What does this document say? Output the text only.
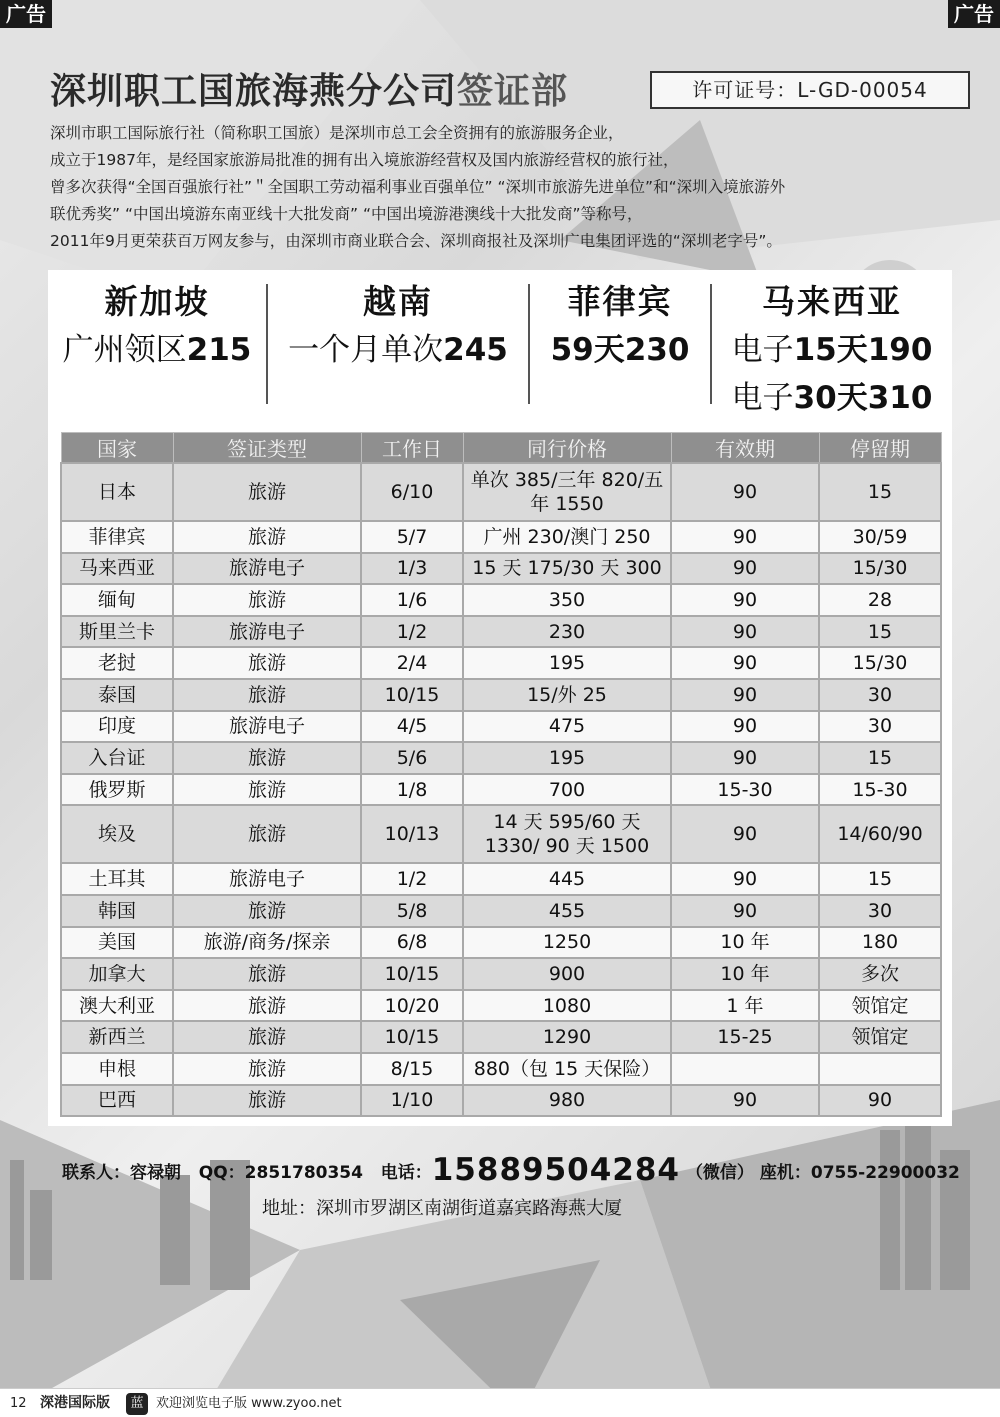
广告	广告
深圳职工国旅海燕分公司签证部	许可证号：L-GD-00054

深圳市职工国际旅行社（简称职工国旅）是深圳市总工会全资拥有的旅游服务企业，

成立于1987年，是经国家旅游局批准的拥有出入境旅游经营权及国内旅游经营权的旅行社，

曾多次获得“全国百强旅行社”＂全国职工劳动福利事业百强单位” “深圳市旅游先进单位”和“深圳入境旅游外

联优秀奖” “中国出境游东南亚线十大批发商” “中国出境游港澳线十大批发商”等称号，

2011年9月更荣获百万网友参与，由深圳市商业联合会、深圳商报社及深圳广电集团评选的“深圳老字号”。

新加坡
广州领区215
越南
一个月单次245
菲律宾
59天230
马来西亚
电子15天190
电子30天310
国家	签证类型	工作日	同行价格	有效期	停留期
日本	旅游	6/10	单次 385/三年 820/五年 1550	90	15
菲律宾	旅游	5/7	广州 230/澳门 250	90	30/59
马来西亚	旅游电子	1/3	15 天 175/30 天 300	90	15/30
缅甸	旅游	1/6	350	90	28
斯里兰卡	旅游电子	1/2	230	90	15
老挝	旅游	2/4	195	90	15/30
泰国	旅游	10/15	15/外 25	90	30
印度	旅游电子	4/5	475	90	30
入台证	旅游	5/6	195	90	15
俄罗斯	旅游	1/8	700	15-30	15-30
埃及	旅游	10/13	14 天 595/60 天 1330/ 90 天 1500	90	14/60/90
土耳其	旅游电子	1/2	445	90	15
韩国	旅游	5/8	455	90	30
美国	旅游/商务/探亲	6/8	1250	10 年	180
加拿大	旅游	10/15	900	10 年	多次
澳大利亚	旅游	10/20	1080	1 年	领馆定
新西兰	旅游	10/15	1290	15-25	领馆定
申根	旅游	8/15	880（包 15 天保险）		
巴西	旅游	1/10	980	90	90
联系人：容禄朝 QQ：2851780354 电话：15889504284 （微信） 座机：0755-22900032
地址：深圳市罗湖区南湖街道嘉宾路海燕大厦
12 深港国际版	蓝 欢迎浏览电子版 www.zyoo.net
